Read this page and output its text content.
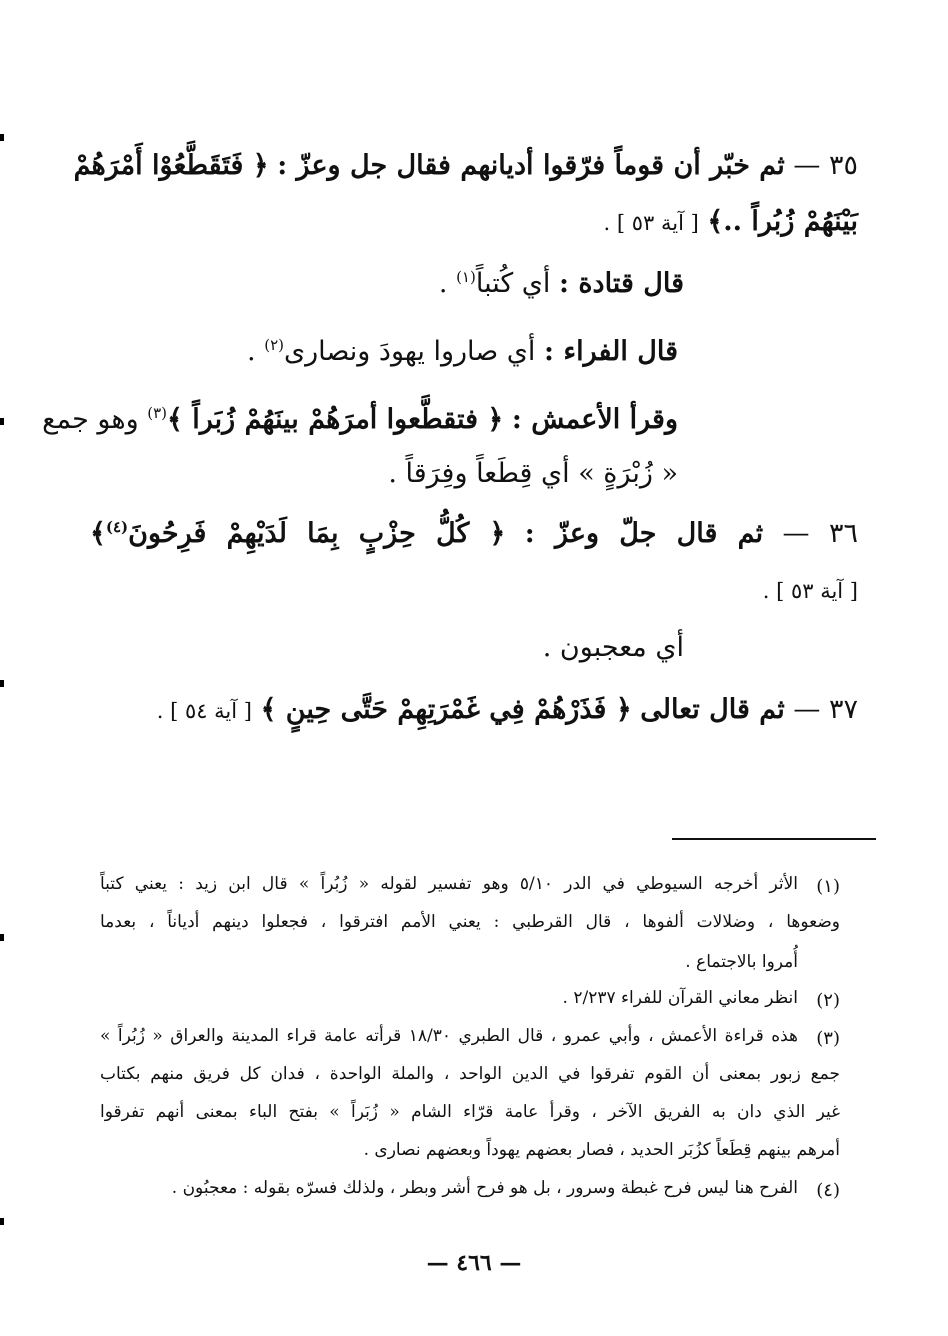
٣٥ — ثم خبّر أن قوماً فرّقوا أديانهم فقال جل وعزّ : ﴿ فَتَقَطَّعُوْا أَمْرَهُمْ
بَيْنَهُمْ زُبُراً ..﴾ [ آية ٥٣ ] .
قال قتادة : أي كُتباً$^{(١)}$ .
قال الفراء : أي صاروا يهودَ ونصارى$^{(٢)}$ .
وقرأ الأعمش : ﴿ فتقطَّعوا أمرَهُمْ بينَهُمْ زُبَراً ﴾$^{(٣)}$ وهو جمع
« زُبْرَةٍ » أي قِطَعاً وفِرَقاً .
٣٦ — ثم قال جلّ وعزّ : ﴿ كُلُّ حِزْبٍ بِمَا لَدَيْهِمْ فَرِحُونَ$^{(٤)}$﴾
[ آية ٥٣ ] .
أي معجبون .
٣٧ — ثم قال تعالى ﴿ فَذَرْهُمْ فِي غَمْرَتِهِمْ حَتَّى حِينٍ ﴾ [ آية ٥٤ ] .
(١)
الأثر أخرجه السيوطي في الدر ٥/١٠ وهو تفسير لقوله « زُبُراً » قال ابن زيد : يعني كتباً
وضعوها ، وضلالات ألفوها ، قال القرطبي : يعني الأمم افترقوا ، فجعلوا دينهم أدياناً ، بعدما
أُمروا بالاجتماع .
(٢)
انظر معاني القرآن للفراء ٢/٢٣٧ .
(٣)
هذه قراءة الأعمش ، وأبي عمرو ، قال الطبري ١٨/٣٠ قرأته عامة قراء المدينة والعراق « زُبُراً »
جمع زبور بمعنى أن القوم تفرقوا في الدين الواحد ، والملة الواحدة ، فدان كل فريق منهم بكتاب
غير الذي دان به الفريق الآخر ، وقرأ عامة قرّاء الشام « زُبَراً » بفتح الباء بمعنى أنهم تفرقوا
أمرهم بينهم قِطَعاً كزُبَر الحديد ، فصار بعضهم يهوداً وبعضهم نصارى .
(٤)
الفرح هنا ليس فرح غبطة وسرور ، بل هو فرح أشر وبطر ، ولذلك فسرّه بقوله : معجبُون .
— ٤٦٦ —
